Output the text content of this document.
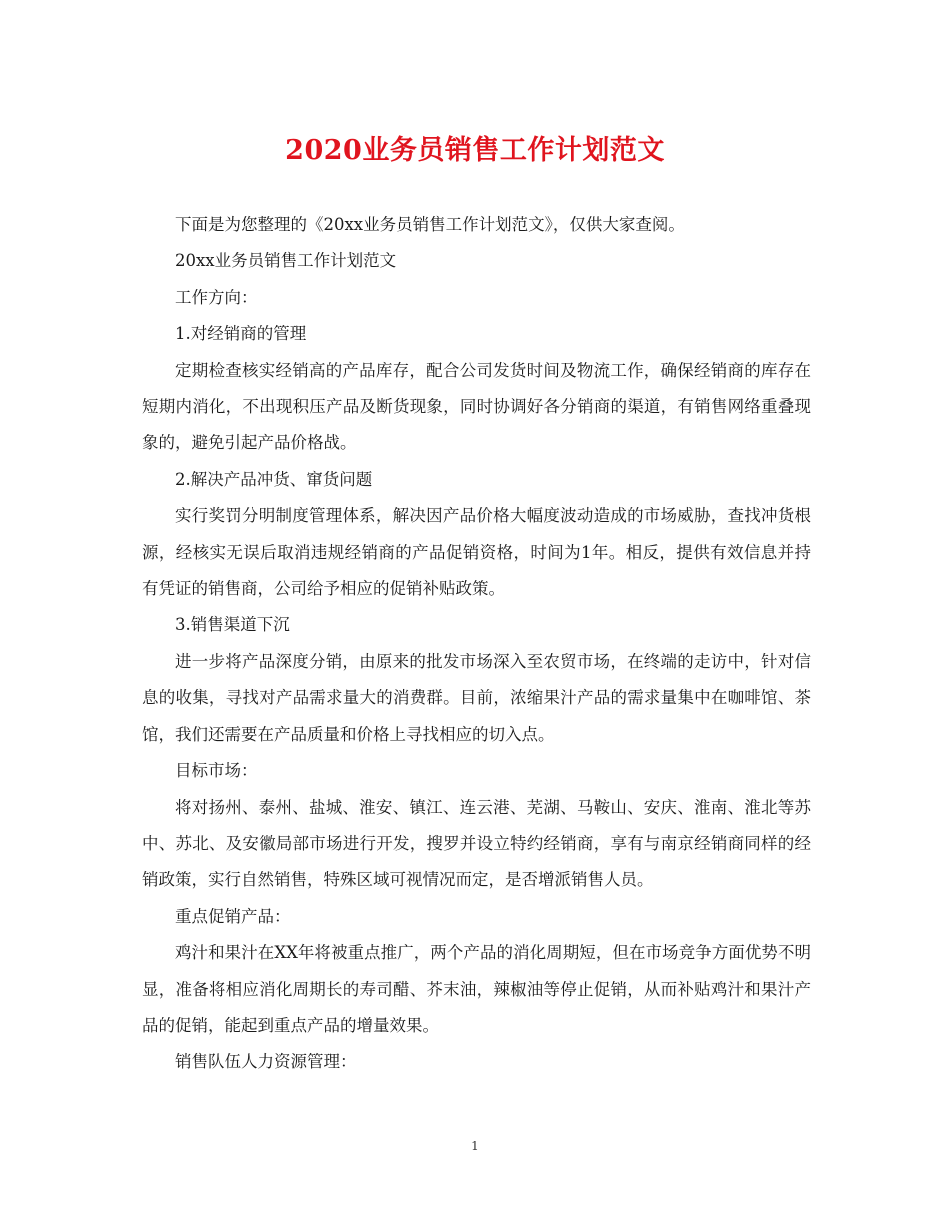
2020业务员销售工作计划范文

下面是为您整理的《20xx业务员销售工作计划范文》，仅供大家查阅。

20xx业务员销售工作计划范文

工作方向：

1.对经销商的管理

定期检查核实经销高的产品库存，配合公司发货时间及物流工作，确保经销商的库存在短期内消化，不出现积压产品及断货现象，同时协调好各分销商的渠道，有销售网络重叠现象的，避免引起产品价格战。

2.解决产品冲货、窜货问题

实行奖罚分明制度管理体系，解决因产品价格大幅度波动造成的市场威胁，查找冲货根源，经核实无误后取消违规经销商的产品促销资格，时间为1年。相反，提供有效信息并持有凭证的销售商，公司给予相应的促销补贴政策。

3.销售渠道下沉

进一步将产品深度分销，由原来的批发市场深入至农贸市场，在终端的走访中，针对信息的收集，寻找对产品需求量大的消费群。目前，浓缩果汁产品的需求量集中在咖啡馆、茶馆，我们还需要在产品质量和价格上寻找相应的切入点。

目标市场：

将对扬州、泰州、盐城、淮安、镇江、连云港、芜湖、马鞍山、安庆、淮南、淮北等苏中、苏北、及安徽局部市场进行开发，搜罗并设立特约经销商，享有与南京经销商同样的经销政策，实行自然销售，特殊区域可视情况而定，是否增派销售人员。

重点促销产品：

鸡汁和果汁在XX年将被重点推广，两个产品的消化周期短，但在市场竞争方面优势不明显，准备将相应消化周期长的寿司醋、芥末油，辣椒油等停止促销，从而补贴鸡汁和果汁产品的促销，能起到重点产品的增量效果。

销售队伍人力资源管理：

1
